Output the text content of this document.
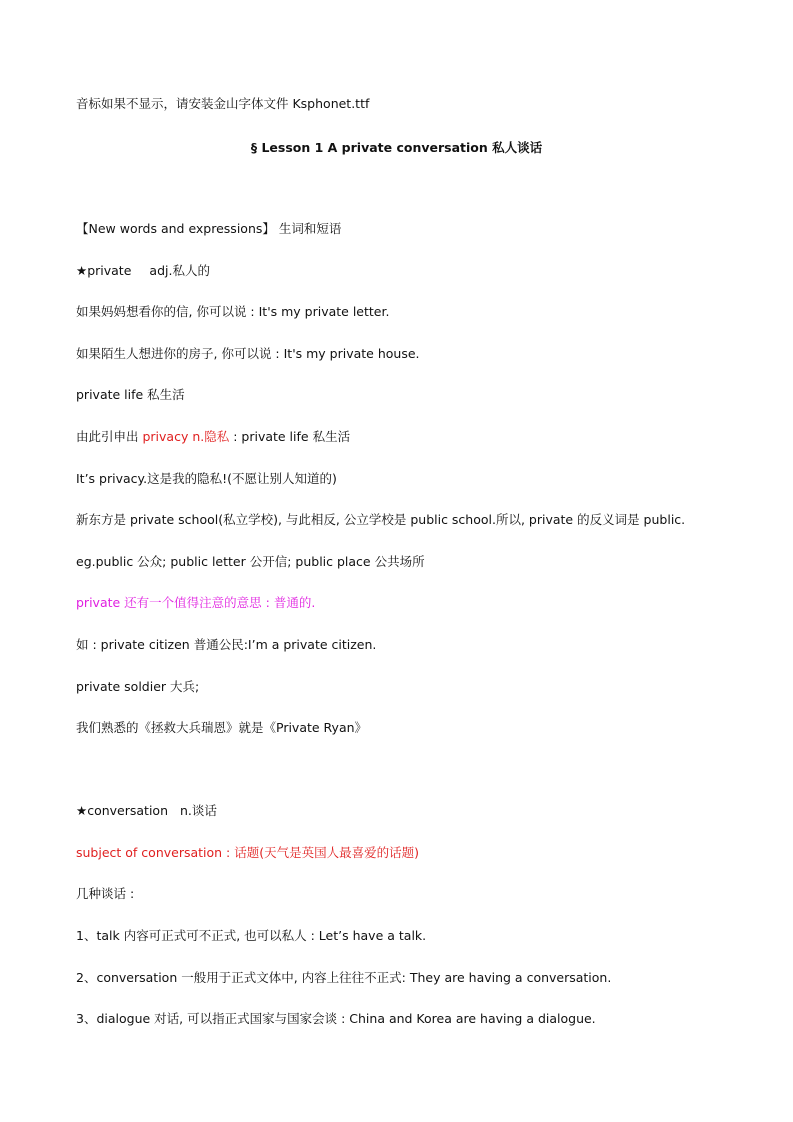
音标如果不显示，请安装金山字体文件 Ksphonet.ttf
§ Lesson 1 A private conversation 私人谈话
【New words and expressions】 生词和短语
★private adj.私人的
如果妈妈想看你的信, 你可以说 : It's my private letter.
如果陌生人想进你的房子, 你可以说 : It's my private house.
private life 私生活
由此引申出 privacy n.隐私 : private life 私生活
It’s privacy.这是我的隐私!(不愿让别人知道的)
新东方是 private school(私立学校), 与此相反, 公立学校是 public school.所以, private 的反义词是 public.
eg.public 公众; public letter 公开信; public place 公共场所
private 还有一个值得注意的意思 : 普通的.
如 : private citizen 普通公民:I’m a private citizen.
private soldier 大兵;
我们熟悉的《拯救大兵瑞恩》就是《Private Ryan》
★conversation n.谈话
subject of conversation : 话题(天气是英国人最喜爱的话题)
几种谈话 :
1、talk 内容可正式可不正式, 也可以私人 : Let’s have a talk.
2、conversation 一般用于正式文体中, 内容上往往不正式: They are having a conversation.
3、dialogue 对话, 可以指正式国家与国家会谈 : China and Korea are having a dialogue.
